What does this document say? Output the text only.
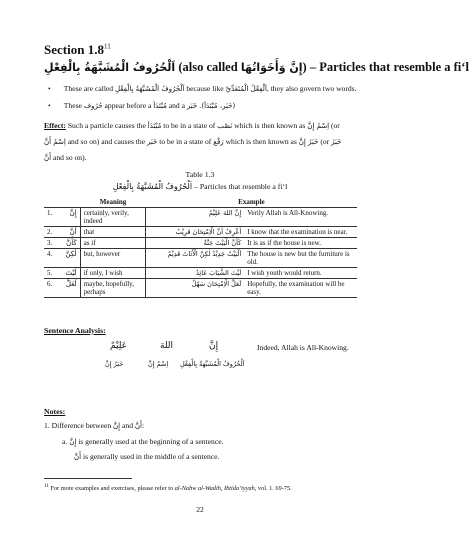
Section $1.8^{11}$
اَلْحُرُوفُ الْمُشَبَّهَةُ بِالْفِعْلِ (also called إِنَّ وَأَخَوَاتُهَا) – Particles that resemble a fi‘l
• These are called اَلْحُرُوفُ الْمُشَبَّهَةُ بِالْفِعْلِ because like اَلْفِعْلُ الْمُتَعَدِّيْ, they also govern two words.
• These حُرُوف appear before a مُبْتَدَأ and a خَبَر (خَبَر، مُبْتَدَأ).
Effect: Such a particle causes the مُبْتَدَأ to be in a state of نَصْب which is then known as اِسْمُ إِنَّ (or
اِسْمُ أَنَّ and so on) and causes the خَبَر to be in a state of رَفْع which is then known as خَبَرُ إِنَّ (or خَبَرُ
أَنَّ and so on).
Table 1.3
اَلْحُرُوفُ الْمُشَبَّهَةُ بِالْفِعْلِ – Particles that resemble a fi‘l
		Meaning	Example	
1.	إِنَّ	certainly, verily, indeed	إِنَّ اللهَ عَلِيْمٌ	Verily Allah is All-Knowing.
2.	أَنَّ	that	أَعْرِفُ أَنَّ الْاِمْتِحَانَ قَرِيْبٌ	I know that the examination is near.
3.	كَأَنَّ	as if	كَأَنَّ الْبَيْتَ جَنَّةٌ	It is as if the house is new.
4.	لٰكِنَّ	but, however	اَلْبَيْتُ جَدِيْدٌ لٰكِنَّ الْأَثَاثَ قَدِيْمٌ	The house is new but the furniture is old.
5.	لَيْتَ	if only, I wish	لَيْتَ الشَّبَابَ عَائِدٌ	I wish youth would return.
6.	لَعَلَّ	maybe, hopefully, perhaps	لَعَلَّ الْاِمْتِحَانَ سَهْلٌ	Hopefully, the examination will be easy.
Sentence Analysis:
إِنَّ
اللهَ
عَلِيْمٌ
اَلْحُرُوفُ الْمُشَبَّهَةُ بِالْفِعْلِ
اِسْمُ إِنَّ
خَبَرُ إِنَّ
Indeed, Allah is All-Knowing.
Notes:
1. Difference between إِنَّ and أَنَّ:
a. إِنَّ is generally used at the beginning of a sentence.
أَنَّ is generally used in the middle of a sentence.
$^{11}$ For more examples and exercises, please refer to al-Nahw al-Wadih, Ibtida’iyyah, vol. 1. 69-75.
22
